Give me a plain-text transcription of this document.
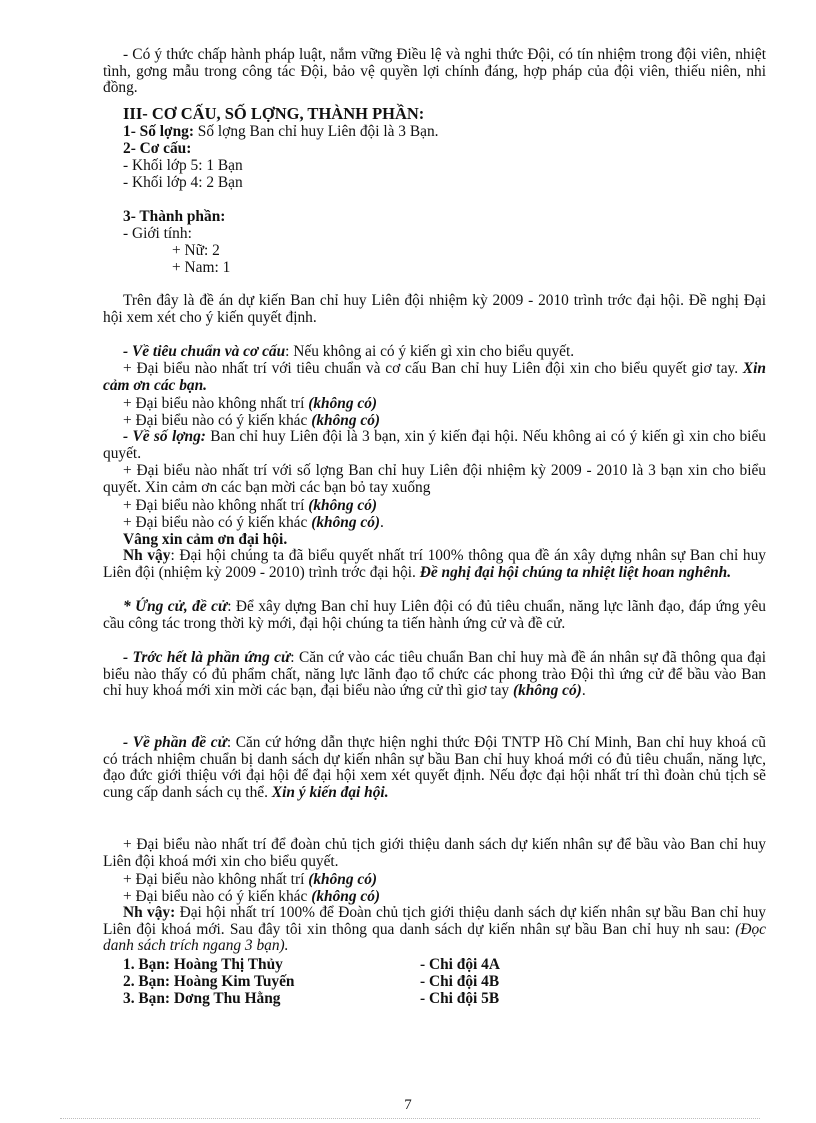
- Có ý thức chấp hành pháp luật, nắm vững Điều lệ và nghi thức Đội, có tín nhiệm trong đội viên, nhiệt tình, gơng mẫu trong công tác Đội, bảo vệ quyền lợi chính đáng, hợp pháp của đội viên, thiếu niên, nhi đồng.

III- CƠ CẤU, SỐ LỢNG, THÀNH PHẦN:

1- Số lợng: Số lợng Ban chỉ huy Liên đội là 3 Bạn.

2- Cơ cấu:

- Khối lớp 5: 1 Bạn

- Khối lớp 4: 2 Bạn

3- Thành phần:

- Giới tính:

+ Nữ: 2

+ Nam: 1

Trên đây là đề án dự kiến Ban chỉ huy Liên đội nhiệm kỳ 2009 - 2010 trình trớc đại hội. Đề nghị Đại hội xem xét cho ý kiến quyết định.

- Về tiêu chuẩn và cơ cấu: Nếu không ai có ý kiến gì xin cho biểu quyết.

+ Đại biểu nào nhất trí với tiêu chuẩn và cơ cấu Ban chỉ huy Liên đội xin cho biểu quyết giơ tay. Xin cảm ơn các bạn.

+ Đại biểu nào không nhất trí (không có)

+ Đại biểu nào có ý kiến khác (không có)

- Về số lợng: Ban chỉ huy Liên đội là 3 bạn, xin ý kiến đại hội. Nếu không ai có ý kiến gì xin cho biểu quyết.

+ Đại biểu nào nhất trí với số lợng Ban chỉ huy Liên đội nhiệm kỳ 2009 - 2010 là 3 bạn xin cho biểu quyết. Xin cảm ơn các bạn mời các bạn bỏ tay xuống

+ Đại biểu nào không nhất trí (không có)

+ Đại biểu nào có ý kiến khác (không có).

Vâng xin cảm ơn đại hội.

Nh vậy: Đại hội chúng ta đã biểu quyết nhất trí 100% thông qua đề án xây dựng nhân sự Ban chỉ huy Liên đội (nhiệm kỳ 2009 - 2010) trình trớc đại hội. Đề nghị đại hội chúng ta nhiệt liệt hoan nghênh.

* Ứng cử, đề cử: Để xây dựng Ban chỉ huy Liên đội có đủ tiêu chuẩn, năng lực lãnh đạo, đáp ứng yêu cầu công tác trong thời kỳ mới, đại hội chúng ta tiến hành ứng cử và đề cử.

- Trớc hết là phần ứng cử: Căn cứ vào các tiêu chuẩn Ban chỉ huy mà đề án nhân sự đã thông qua đại biểu nào thấy có đủ phẩm chất, năng lực lãnh đạo tổ chức các phong trào Đội thì ứng cử để bầu vào Ban chỉ huy khoá mới xin mời các bạn, đại biểu nào ứng cử thì giơ tay (không có).

- Về phần đề cử: Căn cứ hớng dẫn thực hiện nghi thức Đội TNTP Hồ Chí Minh, Ban chỉ huy khoá cũ có trách nhiệm chuẩn bị danh sách dự kiến nhân sự bầu Ban chỉ huy khoá mới có đủ tiêu chuẩn, năng lực, đạo đức giới thiệu với đại hội để đại hội xem xét quyết định. Nếu đợc đại hội nhất trí thì đoàn chủ tịch sẽ cung cấp danh sách cụ thể. Xin ý kiến đại hội.

+ Đại biểu nào nhất trí để đoàn chủ tịch giới thiệu danh sách dự kiến nhân sự để bầu vào Ban chỉ huy Liên đội khoá mới xin cho biểu quyết.

+ Đại biểu nào không nhất trí (không có)

+ Đại biểu nào có ý kiến khác (không có)

Nh vậy: Đại hội nhất trí 100% để Đoàn chủ tịch giới thiệu danh sách dự kiến nhân sự bầu Ban chỉ huy Liên đội khoá mới. Sau đây tôi xin thông qua danh sách dự kiến nhân sự bầu Ban chỉ huy nh sau: (Đọc danh sách trích ngang 3 bạn).

1. Bạn: Hoàng Thị Thủy	- Chi đội 4A

2. Bạn: Hoàng Kim Tuyến	- Chi đội 4B

3. Bạn: Dơng Thu Hằng	- Chi đội 5B

7
